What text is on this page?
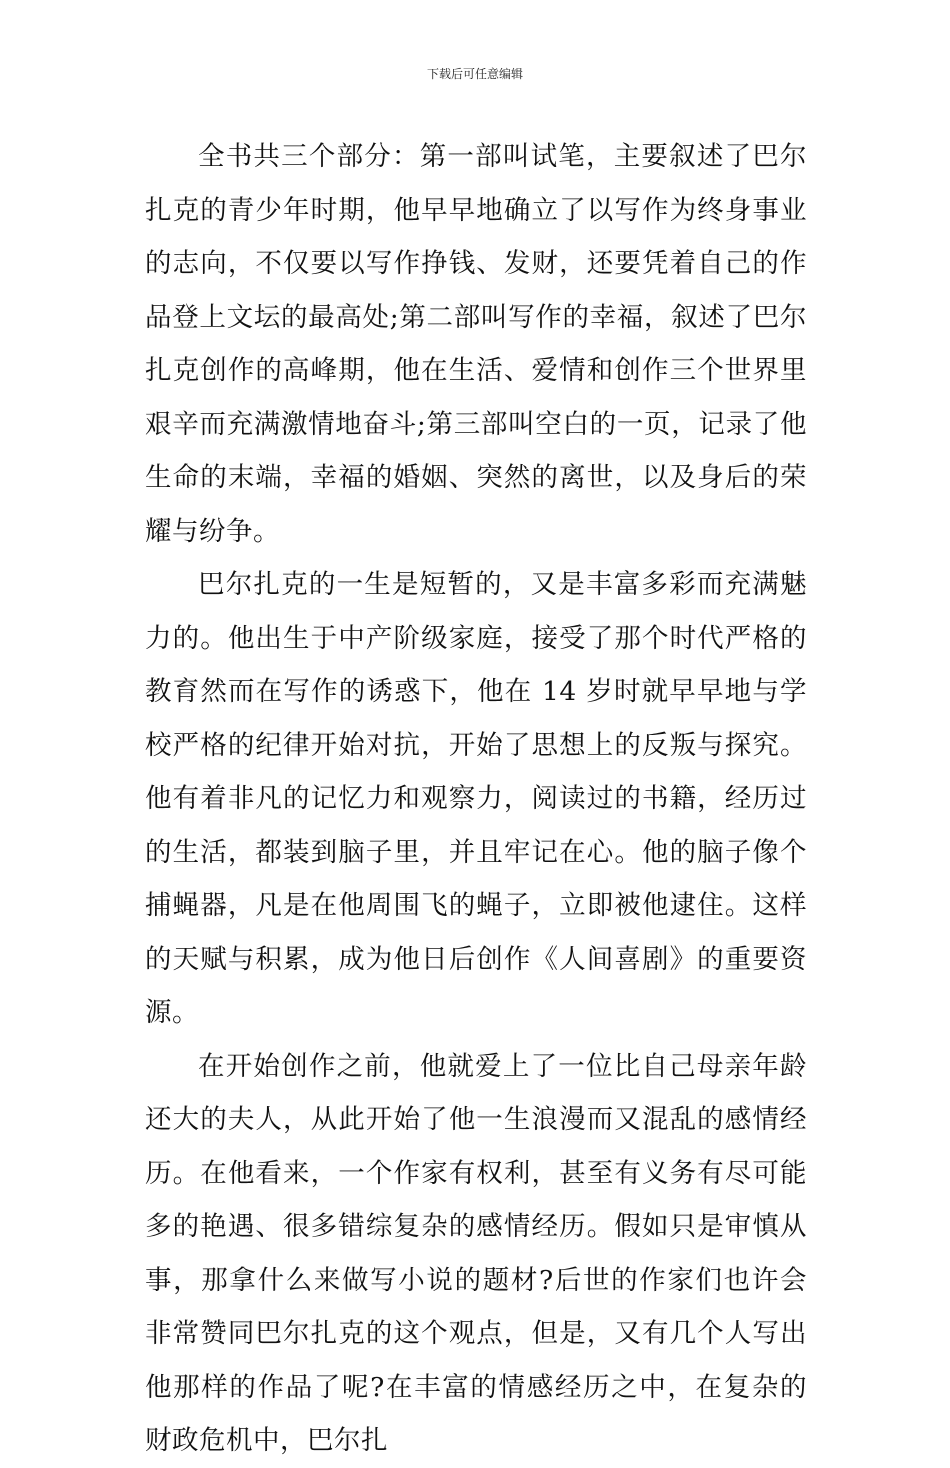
下载后可任意编辑

全书共三个部分：第一部叫试笔，主要叙述了巴尔扎克的青少年时期，他早早地确立了以写作为终身事业的志向，不仅要以写作挣钱、发财，还要凭着自己的作品登上文坛的最高处;第二部叫写作的幸福，叙述了巴尔扎克创作的高峰期，他在生活、爱情和创作三个世界里艰辛而充满激情地奋斗;第三部叫空白的一页，记录了他生命的末端，幸福的婚姻、突然的离世，以及身后的荣耀与纷争。

巴尔扎克的一生是短暂的，又是丰富多彩而充满魅力的。他出生于中产阶级家庭，接受了那个时代严格的教育然而在写作的诱惑下，他在 14 岁时就早早地与学校严格的纪律开始对抗，开始了思想上的反叛与探究。他有着非凡的记忆力和观察力，阅读过的书籍，经历过的生活，都装到脑子里，并且牢记在心。他的脑子像个捕蝇器，凡是在他周围飞的蝇子，立即被他逮住。这样的天赋与积累，成为他日后创作《人间喜剧》的重要资源。

在开始创作之前，他就爱上了一位比自己母亲年龄还大的夫人，从此开始了他一生浪漫而又混乱的感情经历。在他看来，一个作家有权利，甚至有义务有尽可能多的艳遇、很多错综复杂的感情经历。假如只是审慎从事，那拿什么来做写小说的题材?后世的作家们也许会非常赞同巴尔扎克的这个观点，但是，又有几个人写出他那样的作品了呢?在丰富的情感经历之中，在复杂的财政危机中，巴尔扎
